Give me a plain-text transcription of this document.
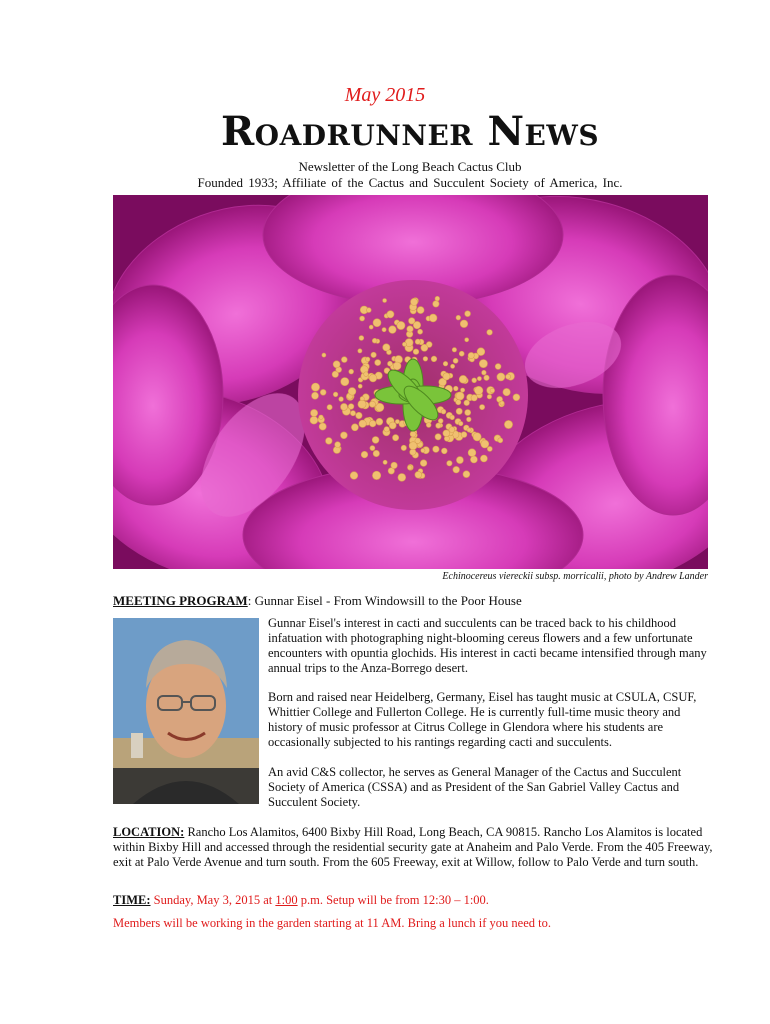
May 2015
Roadrunner News
Newsletter of the Long Beach Cactus Club
Founded 1933; Affiliate of the Cactus and Succulent Society of America, Inc.
Echinocereus viereckii subsp. morricalii, photo by Andrew Lander
MEETING PROGRAM: Gunnar Eisel - From Windowsill to the Poor House

Gunnar Eisel's interest in cacti and succulents can be traced back to his childhood infatuation with photographing night-blooming cereus flowers and a few unfortunate encounters with opuntia glochids. His interest in cacti became intensified through many annual trips to the Anza-Borrego desert.

Born and raised near Heidelberg, Germany, Eisel has taught music at CSULA, CSUF, Whittier College and Fullerton College. He is currently full-time music theory and history of music professor at Citrus College in Glendora where his students are occasionally subjected to his rantings regarding cacti and succulents.

An avid C&S collector, he serves as General Manager of the Cactus and Succulent Society of America (CSSA) and as President of the San Gabriel Valley Cactus and Succulent Society.

LOCATION: Rancho Los Alamitos, 6400 Bixby Hill Road, Long Beach, CA 90815. Rancho Los Alamitos is located within Bixby Hill and accessed through the residential security gate at Anaheim and Palo Verde. From the 405 Freeway, exit at Palo Verde Avenue and turn south. From the 605 Freeway, exit at Willow, follow to Palo Verde and turn south.

TIME: Sunday, May 3, 2015 at 1:00 p.m. Setup will be from 12:30 – 1:00.
Members will be working in the garden starting at 11 AM. Bring a lunch if you need to.
